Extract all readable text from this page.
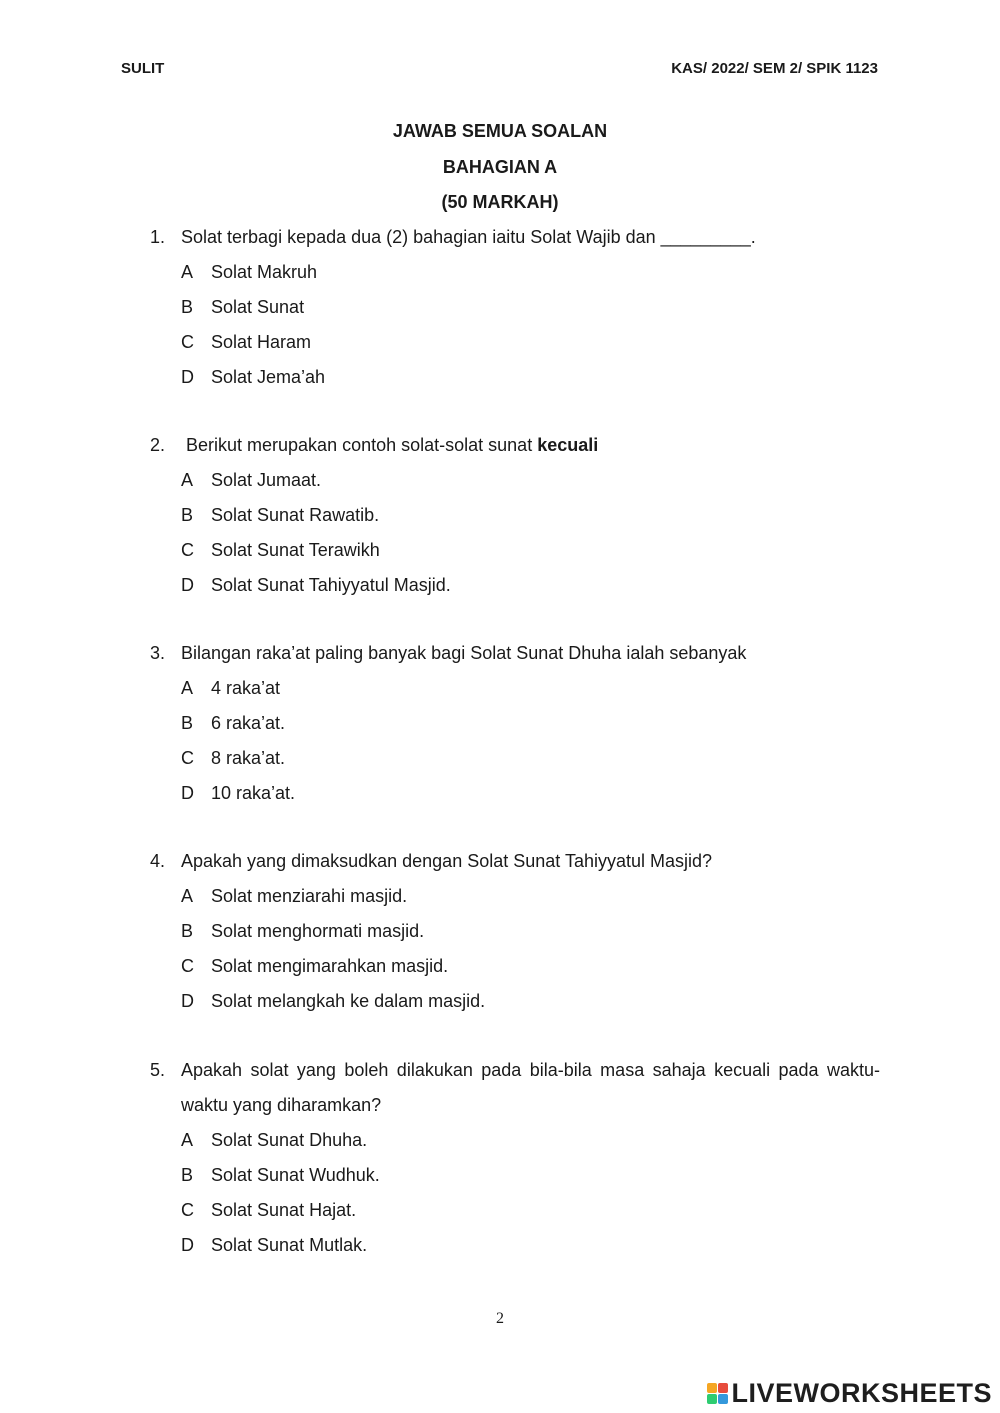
SULIT	KAS/ 2022/ SEM 2/ SPIK 1123
JAWAB SEMUA SOALAN
BAHAGIAN A
(50 MARKAH)
1. Solat terbagi kepada dua (2) bahagian iaitu Solat Wajib dan _________.
A Solat Makruh
B Solat Sunat
C Solat Haram
D Solat Jema’ah
2. Berikut merupakan contoh solat-solat sunat kecuali
A Solat Jumaat.
B Solat Sunat Rawatib.
C Solat Sunat Terawikh
D Solat Sunat Tahiyyatul Masjid.
3. Bilangan raka’at paling banyak bagi Solat Sunat Dhuha ialah sebanyak
A 4 raka’at
B 6 raka’at.
C 8 raka’at.
D 10 raka’at.
4. Apakah yang dimaksudkan dengan Solat Sunat Tahiyyatul Masjid?
A Solat menziarahi masjid.
B Solat menghormati masjid.
C Solat mengimarahkan masjid.
D Solat melangkah ke dalam masjid.
5. Apakah solat yang boleh dilakukan pada bila-bila masa sahaja kecuali pada waktu-waktu yang diharamkan?
A Solat Sunat Dhuha.
B Solat Sunat Wudhuk.
C Solat Sunat Hajat.
D Solat Sunat Mutlak.
2
LIVEWORKSHEETS
